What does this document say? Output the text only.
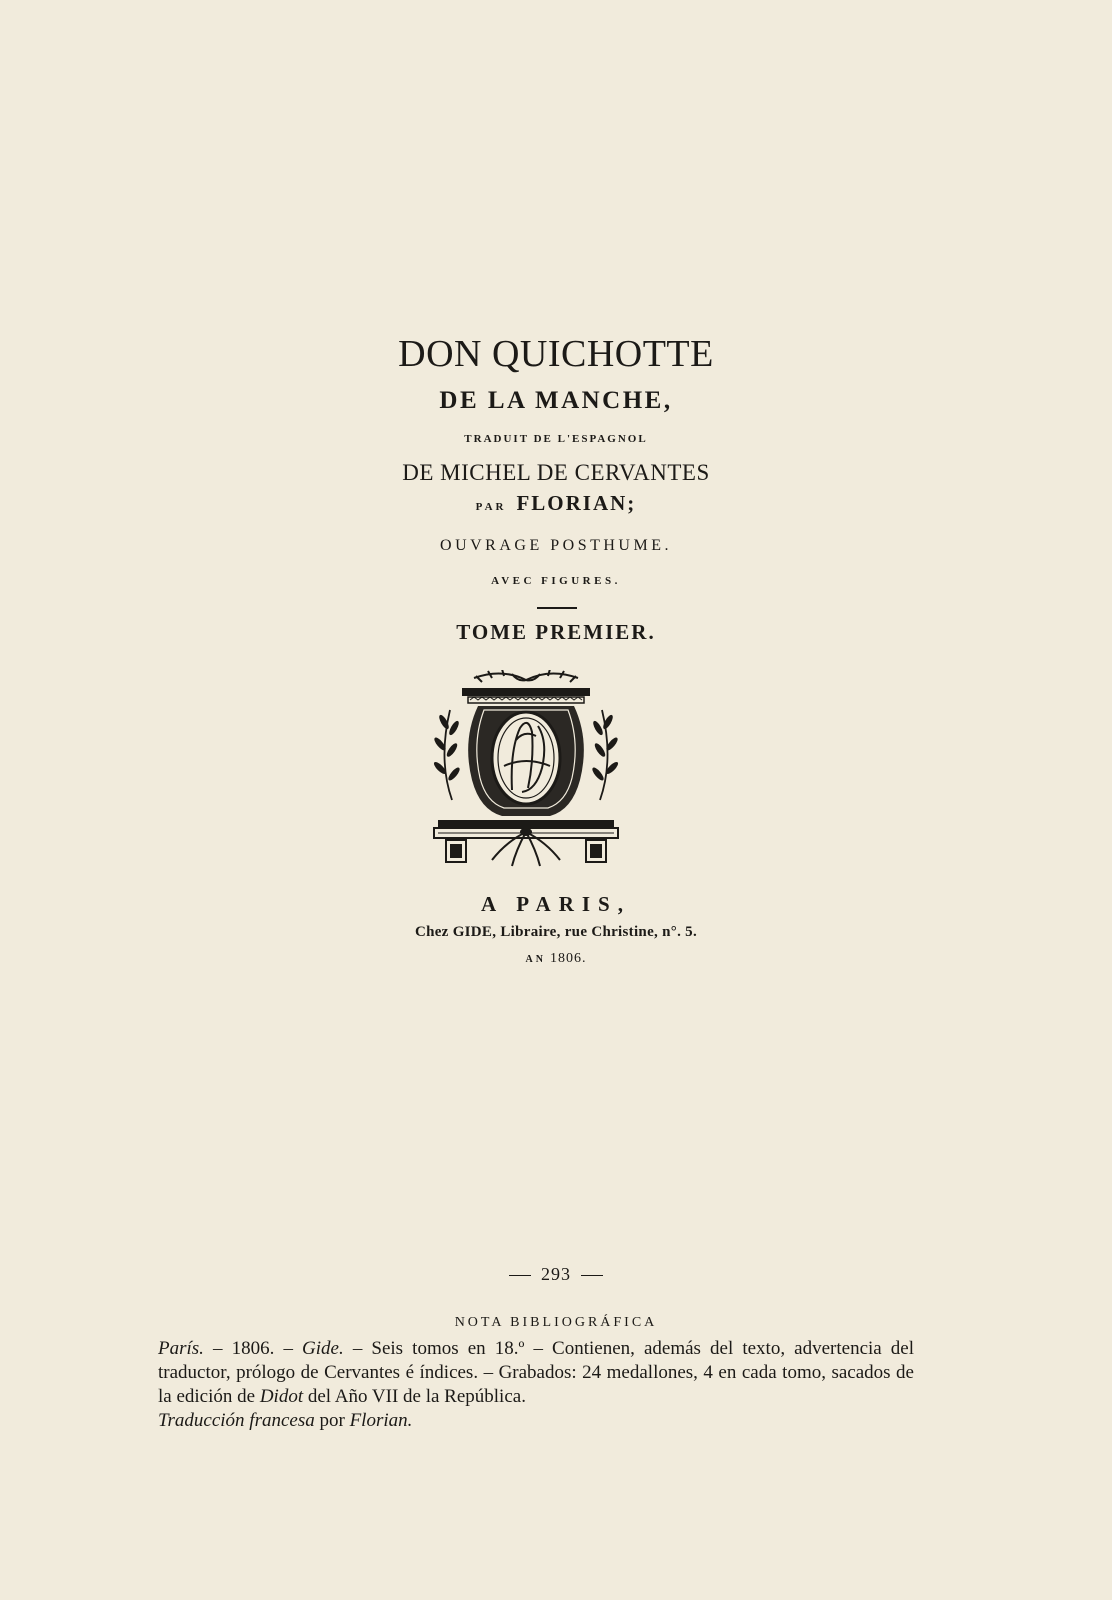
DON QUICHOTTE
DE LA MANCHE,
TRADUIT DE L'ESPAGNOL
DE MICHEL DE CERVANTES
PAR FLORIAN;
OUVRAGE POSTHUME.
AVEC FIGURES.
TOME PREMIER.
A PARIS,
Chez GIDE, Libraire, rue Christine, n°. 5.
AN 1806.
293
NOTA BIBLIOGRÁFICA

París. – 1806. – Gide. – Seis tomos en 18.º – Contienen, además del texto, advertencia del traductor, prólogo de Cervantes é índices. – Grabados: 24 medallones, 4 en cada tomo, sacados de la edición de Didot del Año VII de la República.

Traducción francesa por Florian.
